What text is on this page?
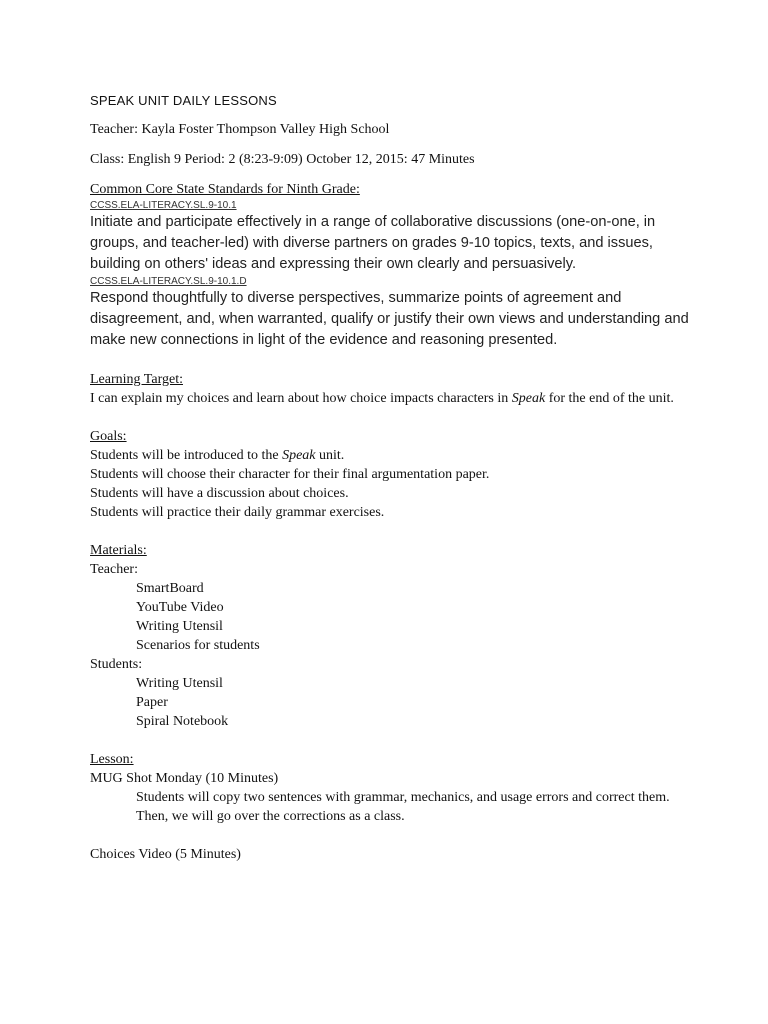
SPEAK UNIT DAILY LESSONS
Teacher: Kayla Foster Thompson Valley High School
Class: English 9 Period: 2 (8:23-9:09) October 12, 2015: 47 Minutes
Common Core State Standards for Ninth Grade:
CCSS.ELA-LITERACY.SL.9-10.1
Initiate and participate effectively in a range of collaborative discussions (one-on-one, in groups, and teacher-led) with diverse partners on grades 9-10 topics, texts, and issues, building on others' ideas and expressing their own clearly and persuasively.
CCSS.ELA-LITERACY.SL.9-10.1.D
Respond thoughtfully to diverse perspectives, summarize points of agreement and disagreement, and, when warranted, qualify or justify their own views and understanding and make new connections in light of the evidence and reasoning presented.
Learning Target:
I can explain my choices and learn about how choice impacts characters in Speak for the end of the unit.
Goals:
Students will be introduced to the Speak unit.
Students will choose their character for their final argumentation paper.
Students will have a discussion about choices.
Students will practice their daily grammar exercises.
Materials:
Teacher:
SmartBoard
YouTube Video
Writing Utensil
Scenarios for students
Students:
Writing Utensil
Paper
Spiral Notebook
Lesson:
MUG Shot Monday (10 Minutes)
Students will copy two sentences with grammar, mechanics, and usage errors and correct them. Then, we will go over the corrections as a class.
Choices Video (5 Minutes)
